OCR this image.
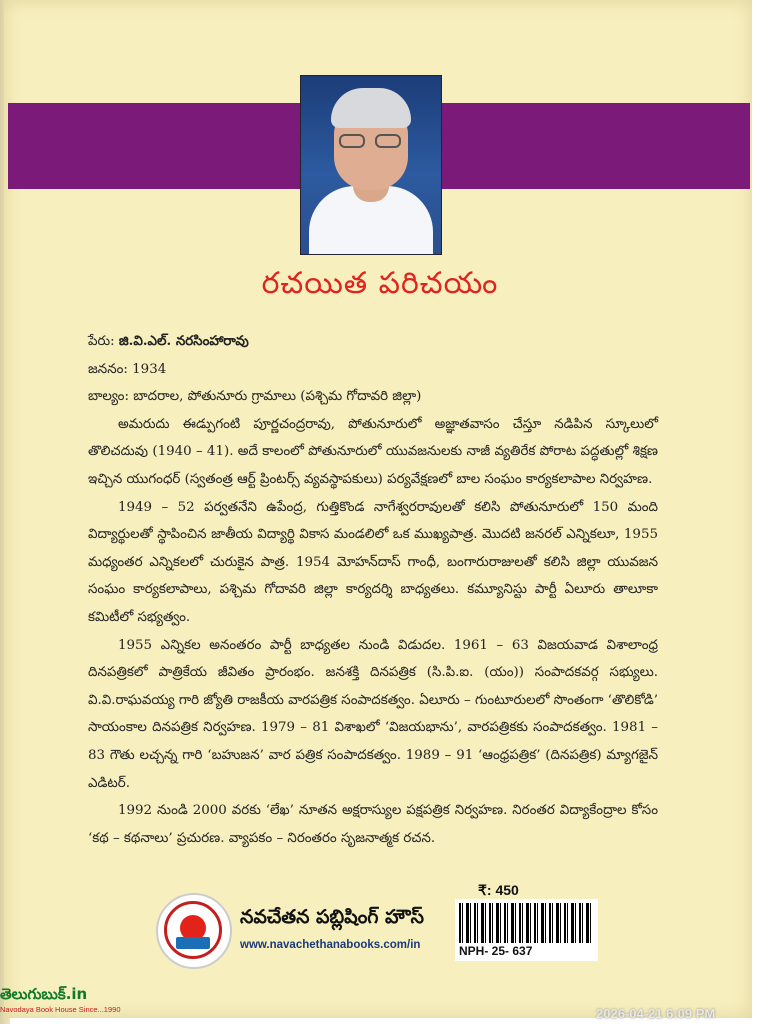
రచయిత పరిచయం
పేరు: జి.వి.ఎల్. నరసింహారావు
జననం: 1934
బాల్యం: బాదరాల, పోతునూరు గ్రామాలు (పశ్చిమ గోదావరి జిల్లా)
అమరుదు ఈడ్పుగంటి పూర్ణచంద్రరావు, పోతునూరులో అజ్ఞాతవాసం చేస్తూ నడిపిన స్కూలులో తొలిచదువు (1940 – 41). అదే కాలంలో పోతునూరులో యువజనులకు నాజీ వ్యతిరేక పోరాట పద్ధతుల్లో శిక్షణ ఇచ్చిన యుగంధర్ (స్వతంత్ర ఆర్ట్ ప్రింటర్స్ వ్యవస్థాపకులు) పర్యవేక్షణలో బాల సంఘం కార్యకలాపాల నిర్వహణ.
1949 – 52 పర్వతనేని ఉపేంద్ర, గుత్తికొండ నాగేశ్వరరావులతో కలిసి పోతునూరులో 150 మంది విద్యార్థులతో స్థాపించిన జాతీయ విద్యార్థి వికాస మండలిలో ఒక ముఖ్యపాత్ర. మొదటి జనరల్ ఎన్నికలూ, 1955 మధ్యంతర ఎన్నికలలో చురుకైన పాత్ర. 1954 మోహన్‌దాస్ గాంధీ, బంగారురాజులతో కలిసి జిల్లా యువజన సంఘం కార్యకలాపాలు, పశ్చిమ గోదావరి జిల్లా కార్యదర్శి బాధ్యతలు. కమ్యూనిస్టు పార్టీ ఏలూరు తాలూకా కమిటీలో సభ్యత్వం.
1955 ఎన్నికల అనంతరం పార్టీ బాధ్యతల నుండి విడుదల. 1961 – 63 విజయవాడ విశాలాంధ్ర దినపత్రికలో పాత్రికేయ జీవితం ప్రారంభం. జనశక్తి దినపత్రిక (సి.పి.ఐ. (యం)) సంపాదకవర్గ సభ్యులు. వి.వి.రాఘవయ్య గారి జ్యోతి రాజకీయ వారపత్రిక సంపాదకత్వం. ఏలూరు – గుంటూరులలో సొంతంగా ‘తొలికోడి’ సాయంకాల దినపత్రిక నిర్వహణ. 1979 – 81 విశాఖలో ‘విజయభాను’, వారపత్రికకు సంపాదకత్వం. 1981 – 83 గౌతు లచ్చన్న గారి ‘బహుజన’ వార పత్రిక సంపాదకత్వం. 1989 – 91 ‘ఆంధ్రపత్రిక’ (దినపత్రిక) మ్యాగజైన్ ఎడిటర్.
1992 నుండి 2000 వరకు ‘లేఖ’ నూతన అక్షరాస్యుల పక్షపత్రిక నిర్వహణ. నిరంతర విద్యాకేంద్రాల కోసం ‘కథ – కథనాలు’ ప్రచురణ. వ్యాపకం – నిరంతరం సృజనాత్మక రచన.
నవచేతన పబ్లిషింగ్ హౌస్
www.navachethanabooks.com/in
₹: 450
NPH- 25- 637
తెలుగుబుక్.in
Navodaya Book House Since...1990	2026-04-21 6:09 PM
